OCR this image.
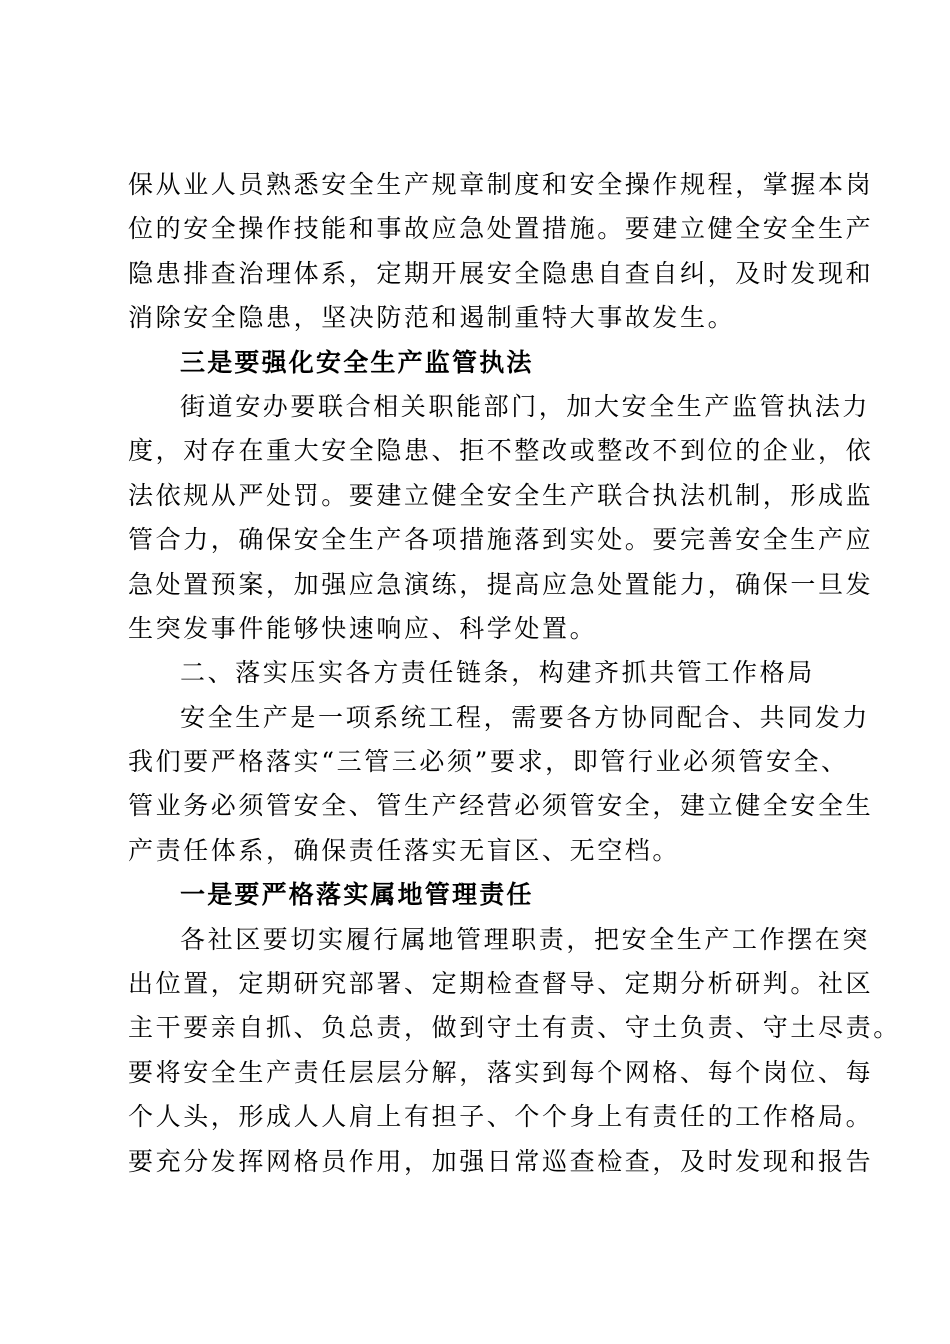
保从业人员熟悉安全生产规章制度和安全操作规程，掌握本岗
位的安全操作技能和事故应急处置措施。要建立健全安全生产
隐患排查治理体系，定期开展安全隐患自查自纠，及时发现和
消除安全隐患，坚决防范和遏制重特大事故发生。
三是要强化安全生产监管执法
街道安办要联合相关职能部门，加大安全生产监管执法力
度，对存在重大安全隐患、拒不整改或整改不到位的企业，依
法依规从严处罚。要建立健全安全生产联合执法机制，形成监
管合力，确保安全生产各项措施落到实处。要完善安全生产应
急处置预案，加强应急演练，提高应急处置能力，确保一旦发
生突发事件能够快速响应、科学处置。
二、落实压实各方责任链条，构建齐抓共管工作格局
安全生产是一项系统工程，需要各方协同配合、共同发力
我们要严格落实“三管三必须”要求，即管行业必须管安全、
管业务必须管安全、管生产经营必须管安全，建立健全安全生
产责任体系，确保责任落实无盲区、无空档。
一是要严格落实属地管理责任
各社区要切实履行属地管理职责，把安全生产工作摆在突
出位置，定期研究部署、定期检查督导、定期分析研判。社区
主干要亲自抓、负总责，做到守土有责、守土负责、守土尽责。
要将安全生产责任层层分解，落实到每个网格、每个岗位、每
个人头，形成人人肩上有担子、个个身上有责任的工作格局。
要充分发挥网格员作用，加强日常巡查检查，及时发现和报告
